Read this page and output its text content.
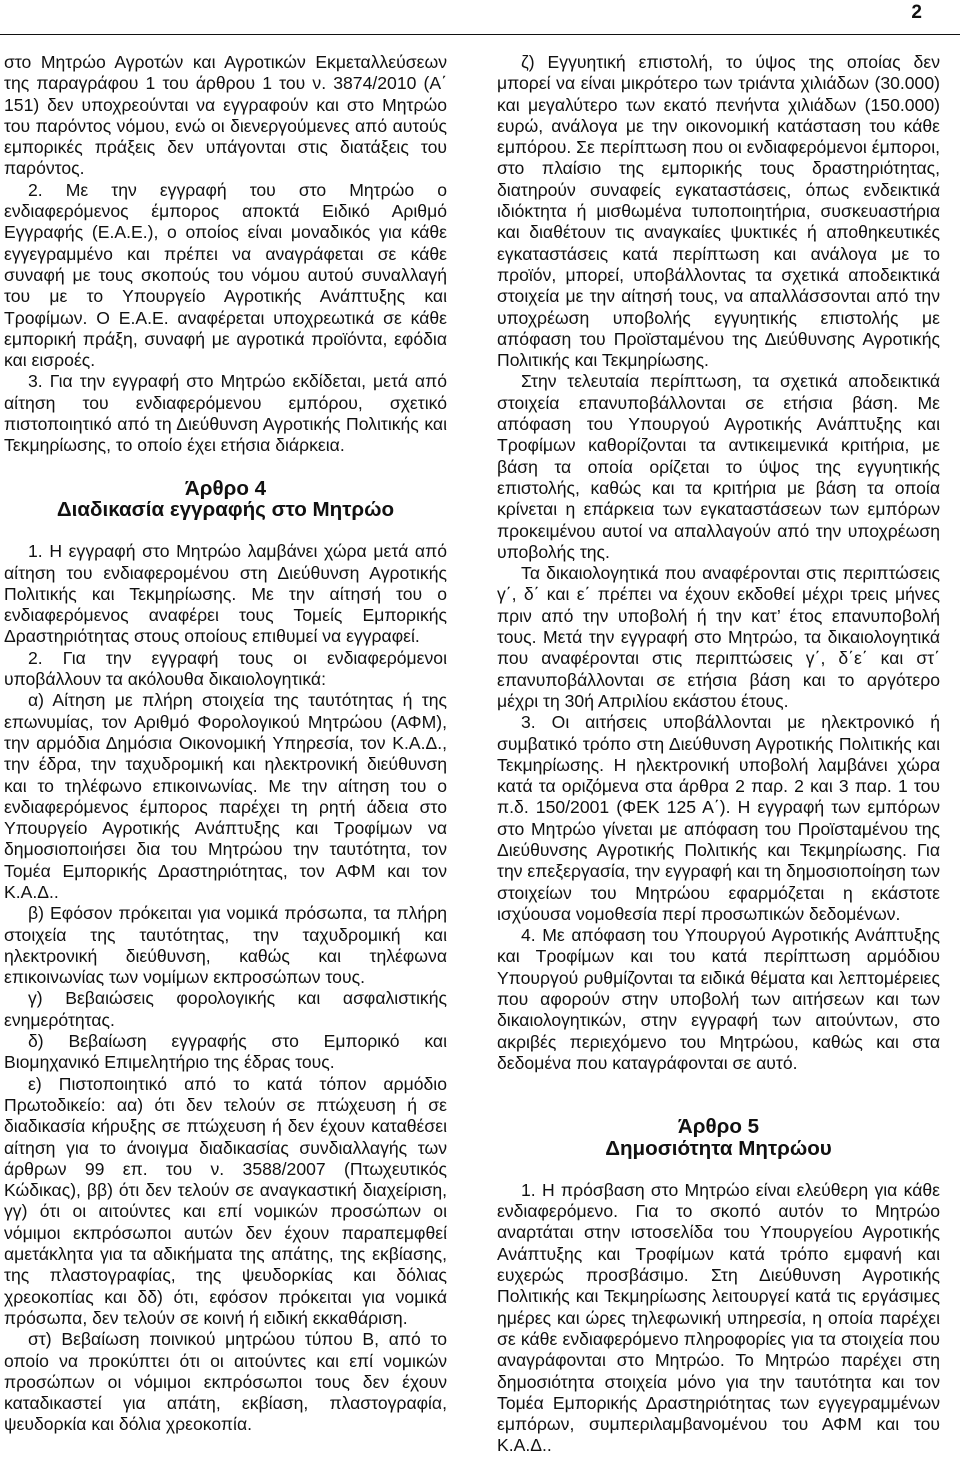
2

στο Μητρώο Αγροτών και Αγροτικών Εκμεταλλεύσεων της παραγράφου 1 του άρθρου 1 του ν. 3874/2010 (Α΄ 151) δεν υποχρεούνται να εγγραφούν και στο Μητρώο του παρόντος νόμου, ενώ οι διενεργούμενες από αυτούς εμπορικές πράξεις δεν υπάγονται στις διατάξεις του παρόντος.

2. Με την εγγραφή του στο Μητρώο ο ενδιαφερόμενος έμπορος αποκτά Ειδικό Αριθμό Εγγραφής (Ε.Α.Ε.), ο οποίος είναι μοναδικός για κάθε εγγεγραμμένο και πρέπει να αναγράφεται σε κάθε συναφή με τους σκοπούς του νόμου αυτού συναλλαγή του με το Υπουργείο Αγροτικής Ανάπτυξης και Τροφίμων. Ο Ε.Α.Ε. αναφέρεται υποχρεωτικά σε κάθε εμπορική πράξη, συναφή με αγροτικά προϊόντα, εφόδια και εισροές.

3. Για την εγγραφή στο Μητρώο εκδίδεται, μετά από αίτηση του ενδιαφερόμενου εμπόρου, σχετικό πιστοποιητικό από τη Διεύθυνση Αγροτικής Πολιτικής και Τεκμηρίωσης, το οποίο έχει ετήσια διάρκεια.

Άρθρο 4
Διαδικασία εγγραφής στο Μητρώο

1. Η εγγραφή στο Μητρώο λαμβάνει χώρα μετά από αίτηση του ενδιαφερομένου στη Διεύθυνση Αγροτικής Πολιτικής και Τεκμηρίωσης. Με την αίτησή του ο ενδιαφερόμενος αναφέρει τους Τομείς Εμπορικής Δραστηριότητας στους οποίους επιθυμεί να εγγραφεί.

2. Για την εγγραφή τους οι ενδιαφερόμενοι υποβάλλουν τα ακόλουθα δικαιολογητικά:

α) Αίτηση με πλήρη στοιχεία της ταυτότητας ή της επωνυμίας, τον Αριθμό Φορολογικού Μητρώου (ΑΦΜ), την αρμόδια Δημόσια Οικονομική Υπηρεσία, τον Κ.Α.Δ., την έδρα, την ταχυδρομική και ηλεκτρονική διεύθυνση και το τηλέφωνο επικοινωνίας. Με την αίτηση του ο ενδιαφερόμενος έμπορος παρέχει τη ρητή άδεια στο Υπουργείο Αγροτικής Ανάπτυξης και Τροφίμων να δημοσιοποιήσει δια του Μητρώου την ταυτότητα, τον Τομέα Εμπορικής Δραστηριότητας, τον ΑΦΜ και τον Κ.Α.Δ..

β) Εφόσον πρόκειται για νομικά πρόσωπα, τα πλήρη στοιχεία της ταυτότητας, την ταχυδρομική και ηλεκτρονική διεύθυνση, καθώς και τηλέφωνα επικοινωνίας των νομίμων εκπροσώπων τους.

γ) Βεβαιώσεις φορολογικής και ασφαλιστικής ενημερότητας.

δ) Βεβαίωση εγγραφής στο Εμπορικό και Βιομηχανικό Επιμελητήριο της έδρας τους.

ε) Πιστοποιητικό από το κατά τόπον αρμόδιο Πρωτοδικείο: αα) ότι δεν τελούν σε πτώχευση ή σε διαδικασία κήρυξης σε πτώχευση ή δεν έχουν καταθέσει αίτηση για το άνοιγμα διαδικασίας συνδιαλλαγής των άρθρων 99 επ. του ν. 3588/2007 (Πτωχευτικός Κώδικας), ββ) ότι δεν τελούν σε αναγκαστική διαχείριση, γγ) ότι οι αιτούντες και επί νομικών προσώπων οι νόμιμοι εκπρόσωποι αυτών δεν έχουν παραπεμφθεί αμετάκλητα για τα αδικήματα της απάτης, της εκβίασης, της πλαστογραφίας, της ψευδορκίας και δόλιας χρεοκοπίας και δδ) ότι, εφόσον πρόκειται για νομικά πρόσωπα, δεν τελούν σε κοινή ή ειδική εκκαθάριση.

στ) Βεβαίωση ποινικού μητρώου τύπου Β, από το οποίο να προκύπτει ότι οι αιτούντες και επί νομικών προσώπων οι νόμιμοι εκπρόσωποι τους δεν έχουν καταδικαστεί για απάτη, εκβίαση, πλαστογραφία, ψευδορκία και δόλια χρεοκοπία.

ζ) Εγγυητική επιστολή, το ύψος της οποίας δεν μπορεί να είναι μικρότερο των τριάντα χιλιάδων (30.000) και μεγαλύτερο των εκατό πενήντα χιλιάδων (150.000) ευρώ, ανάλογα με την οικονομική κατάσταση του κάθε εμπόρου. Σε περίπτωση που οι ενδιαφερόμενοι έμποροι, στο πλαίσιο της εμπορικής τους δραστηριότητας, διατηρούν συναφείς εγκαταστάσεις, όπως ενδεικτικά ιδιόκτητα ή μισθωμένα τυποποιητήρια, συσκευαστήρια και διαθέτουν τις αναγκαίες ψυκτικές ή αποθηκευτικές εγκαταστάσεις κατά περίπτωση και ανάλογα με το προϊόν, μπορεί, υποβάλλοντας τα σχετικά αποδεικτικά στοιχεία με την αίτησή τους, να απαλλάσσονται από την υποχρέωση υποβολής εγγυητικής επιστολής με απόφαση του Προϊσταμένου της Διεύθυνσης Αγροτικής Πολιτικής και Τεκμηρίωσης.

Στην τελευταία περίπτωση, τα σχετικά αποδεικτικά στοιχεία επανυποβάλλονται σε ετήσια βάση. Με απόφαση του Υπουργού Αγροτικής Ανάπτυξης και Τροφίμων καθορίζονται τα αντικειμενικά κριτήρια, με βάση τα οποία ορίζεται το ύψος της εγγυητικής επιστολής, καθώς και τα κριτήρια με βάση τα οποία κρίνεται η επάρκεια των εγκαταστάσεων των εμπόρων προκειμένου αυτοί να απαλλαγούν από την υποχρέωση υποβολής της.

Τα δικαιολογητικά που αναφέρονται στις περιπτώσεις γ΄, δ΄ και ε΄ πρέπει να έχουν εκδοθεί μέχρι τρεις μήνες πριν από την υποβολή ή την κατ’ έτος επανυποβολή τους. Μετά την εγγραφή στο Μητρώο, τα δικαιολογητικά που αναφέρονται στις περιπτώσεις γ΄, δ΄ε΄ και στ΄ επανυποβάλλονται σε ετήσια βάση και το αργότερο μέχρι τη 30ή Απριλίου εκάστου έτους.

3. Οι αιτήσεις υποβάλλονται με ηλεκτρονικό ή συμβατικό τρόπο στη Διεύθυνση Αγροτικής Πολιτικής και Τεκμηρίωσης. Η ηλεκτρονική υποβολή λαμβάνει χώρα κατά τα οριζόμενα στα άρθρα 2 παρ. 2 και 3 παρ. 1 του π.δ. 150/2001 (ΦΕΚ 125 Α΄). Η εγγραφή των εμπόρων στο Μητρώο γίνεται με απόφαση του Προϊσταμένου της Διεύθυνσης Αγροτικής Πολιτικής και Τεκμηρίωσης. Για την επεξεργασία, την εγγραφή και τη δημοσιοποίηση των στοιχείων του Μητρώου εφαρμόζεται η εκάστοτε ισχύουσα νομοθεσία περί προσωπικών δεδομένων.

4. Με απόφαση του Υπουργού Αγροτικής Ανάπτυξης και Τροφίμων και του κατά περίπτωση αρμόδιου Υπουργού ρυθμίζονται τα ειδικά θέματα και λεπτομέρειες που αφορούν στην υποβολή των αιτήσεων και των δικαιολογητικών, στην εγγραφή των αιτούντων, στο ακριβές περιεχόμενο του Μητρώου, καθώς και στα δεδομένα που καταγράφονται σε αυτό.

Άρθρο 5
Δημοσιότητα Μητρώου

1. Η πρόσβαση στο Μητρώο είναι ελεύθερη για κάθε ενδιαφερόμενο. Για το σκοπό αυτόν το Μητρώο αναρτάται στην ιστοσελίδα του Υπουργείου Αγροτικής Ανάπτυξης και Τροφίμων κατά τρόπο εμφανή και ευχερώς προσβάσιμο. Στη Διεύθυνση Αγροτικής Πολιτικής και Τεκμηρίωσης λειτουργεί κατά τις εργάσιμες ημέρες και ώρες τηλεφωνική υπηρεσία, η οποία παρέχει σε κάθε ενδιαφερόμενο πληροφορίες για τα στοιχεία που αναγράφονται στο Μητρώο. Το Μητρώο παρέχει στη δημοσιότητα στοιχεία μόνο για την ταυτότητα και τον Τομέα Εμπορικής Δραστηριότητας των εγγεγραμμένων εμπόρων, συμπεριλαμβανομένου του ΑΦΜ και του Κ.Α.Δ..
